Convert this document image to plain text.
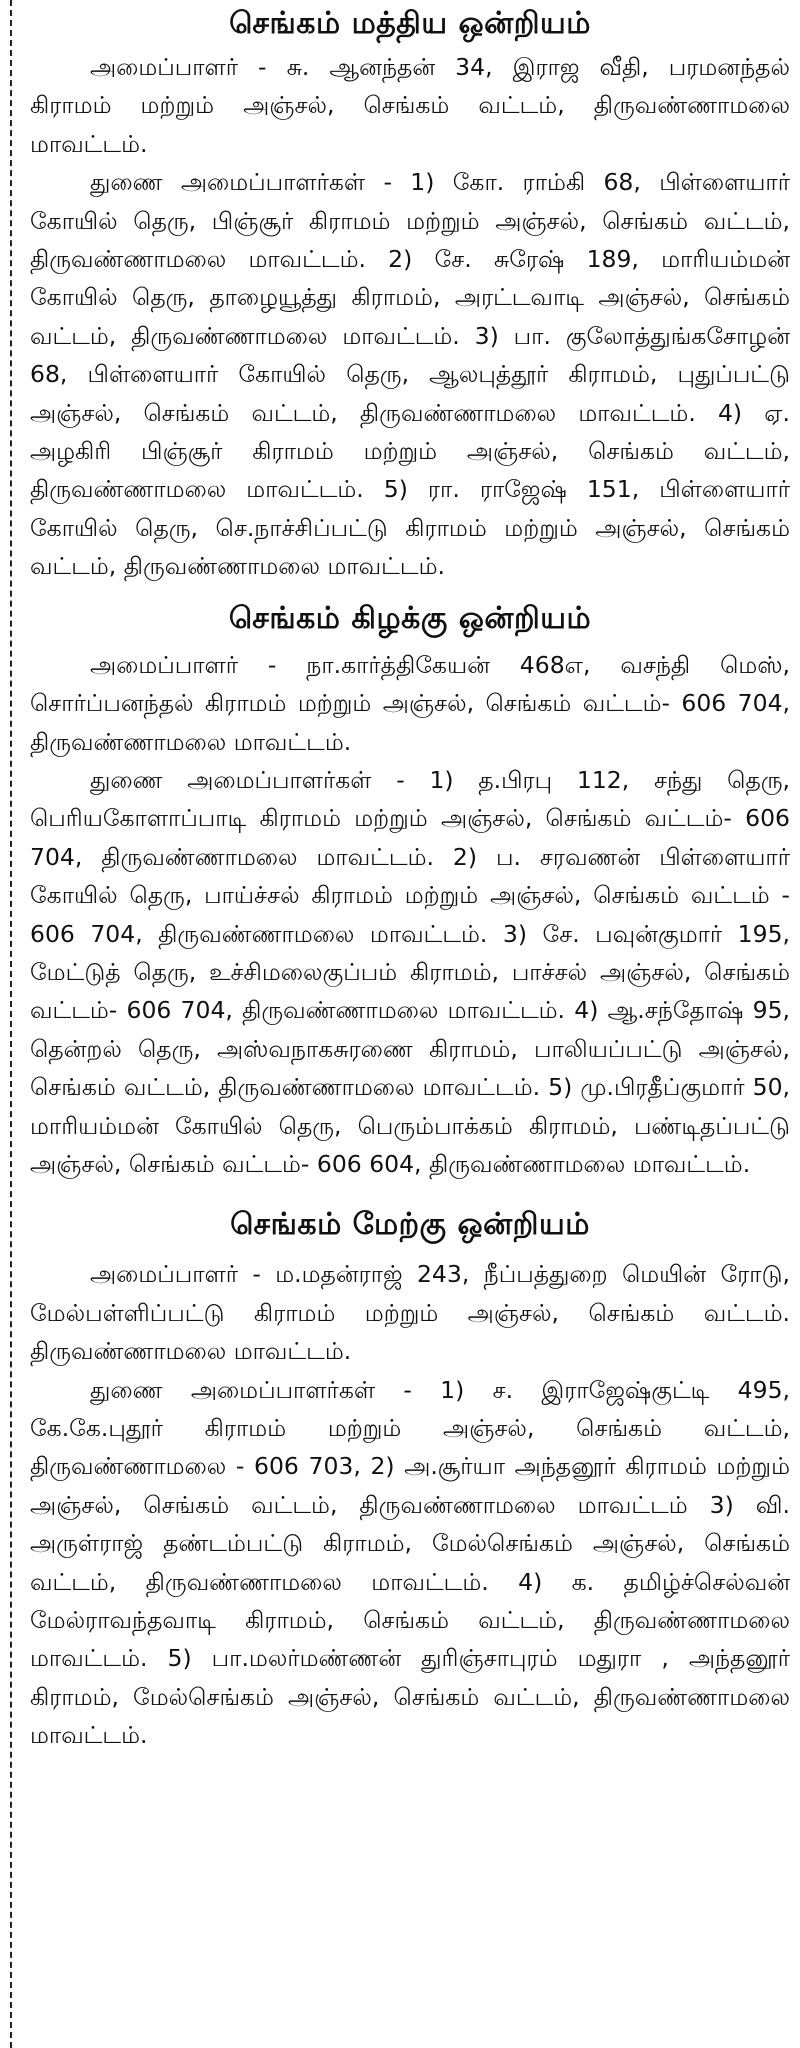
செங்கம் மத்திய ஒன்றியம்

அமைப்பாளர் - சு. ஆனந்தன் 34, இராஜ வீதி, பரமனந்தல் கிராமம் மற்றும் அஞ்சல், செங்கம் வட்டம், திருவண்ணாமலை மாவட்டம்.

துணை அமைப்பாளர்கள் - 1) கோ. ராம்கி 68, பிள்ளையார் கோயில் தெரு, பிஞ்சூர் கிராமம் மற்றும் அஞ்சல், செங்கம் வட்டம், திருவண்ணாமலை மாவட்டம். 2) சே. சுரேஷ் 189, மாரியம்மன் கோயில் தெரு, தாழையூத்து கிராமம், அரட்டவாடி அஞ்சல், செங்கம் வட்டம், திருவண்ணாமலை மாவட்டம். 3) பா. குலோத்துங்கசோழன் 68, பிள்ளையார் கோயில் தெரு, ஆலபுத்தூர் கிராமம், புதுப்பட்டு அஞ்சல், செங்கம் வட்டம், திருவண்ணாமலை மாவட்டம். 4) ஏ. அழகிரி பிஞ்சூர் கிராமம் மற்றும் அஞ்சல், செங்கம் வட்டம், திருவண்ணாமலை மாவட்டம். 5) ரா. ராஜேஷ் 151, பிள்ளையார் கோயில் தெரு, செ.நாச்சிப்பட்டு கிராமம் மற்றும் அஞ்சல், செங்கம் வட்டம், திருவண்ணாமலை மாவட்டம்.

செங்கம் கிழக்கு ஒன்றியம்

அமைப்பாளர் - நா.கார்த்திகேயன் 468எ, வசந்தி மெஸ், சொர்ப்பனந்தல் கிராமம் மற்றும் அஞ்சல், செங்கம் வட்டம்- 606 704, திருவண்ணாமலை மாவட்டம்.

துணை அமைப்பாளர்கள் - 1) த.பிரபு 112, சந்து தெரு, பெரியகோளாப்பாடி கிராமம் மற்றும் அஞ்சல், செங்கம் வட்டம்- 606 704, திருவண்ணாமலை மாவட்டம். 2) ப. சரவணன் பிள்ளையார் கோயில் தெரு, பாய்ச்சல் கிராமம் மற்றும் அஞ்சல், செங்கம் வட்டம் - 606 704, திருவண்ணாமலை மாவட்டம். 3) சே. பவுன்குமார் 195, மேட்டுத் தெரு, உச்சிமலைகுப்பம் கிராமம், பாச்சல் அஞ்சல், செங்கம் வட்டம்- 606 704, திருவண்ணாமலை மாவட்டம். 4) ஆ.சந்தோஷ் 95, தென்றல் தெரு, அஸ்வநாகசுரணை கிராமம், பாலியப்பட்டு அஞ்சல், செங்கம் வட்டம், திருவண்ணாமலை மாவட்டம். 5) மு.பிரதீப்குமார் 50, மாரியம்மன் கோயில் தெரு, பெரும்பாக்கம் கிராமம், பண்டிதப்பட்டு அஞ்சல், செங்கம் வட்டம்- 606 604, திருவண்ணாமலை மாவட்டம்.

செங்கம் மேற்கு ஒன்றியம்

அமைப்பாளர் - ம.மதன்ராஜ் 243, நீப்பத்துறை மெயின் ரோடு, மேல்பள்ளிப்பட்டு கிராமம் மற்றும் அஞ்சல், செங்கம் வட்டம். திருவண்ணாமலை மாவட்டம்.

துணை அமைப்பாளர்கள் - 1) ச. இராஜேஷ்குட்டி 495, கே.கே.புதூர் கிராமம் மற்றும் அஞ்சல், செங்கம் வட்டம், திருவண்ணாமலை - 606 703, 2) அ.சூர்யா அந்தனூர் கிராமம் மற்றும் அஞ்சல், செங்கம் வட்டம், திருவண்ணாமலை மாவட்டம் 3) வி. அருள்ராஜ் தண்டம்பட்டு கிராமம், மேல்செங்கம் அஞ்சல், செங்கம் வட்டம், திருவண்ணாமலை மாவட்டம். 4) க. தமிழ்ச்செல்வன் மேல்ராவந்தவாடி கிராமம், செங்கம் வட்டம், திருவண்ணாமலை மாவட்டம். 5) பா.மலர்மண்ணன் துரிஞ்சாபுரம் மதுரா , அந்தனூர் கிராமம், மேல்செங்கம் அஞ்சல், செங்கம் வட்டம், திருவண்ணாமலை மாவட்டம்.
